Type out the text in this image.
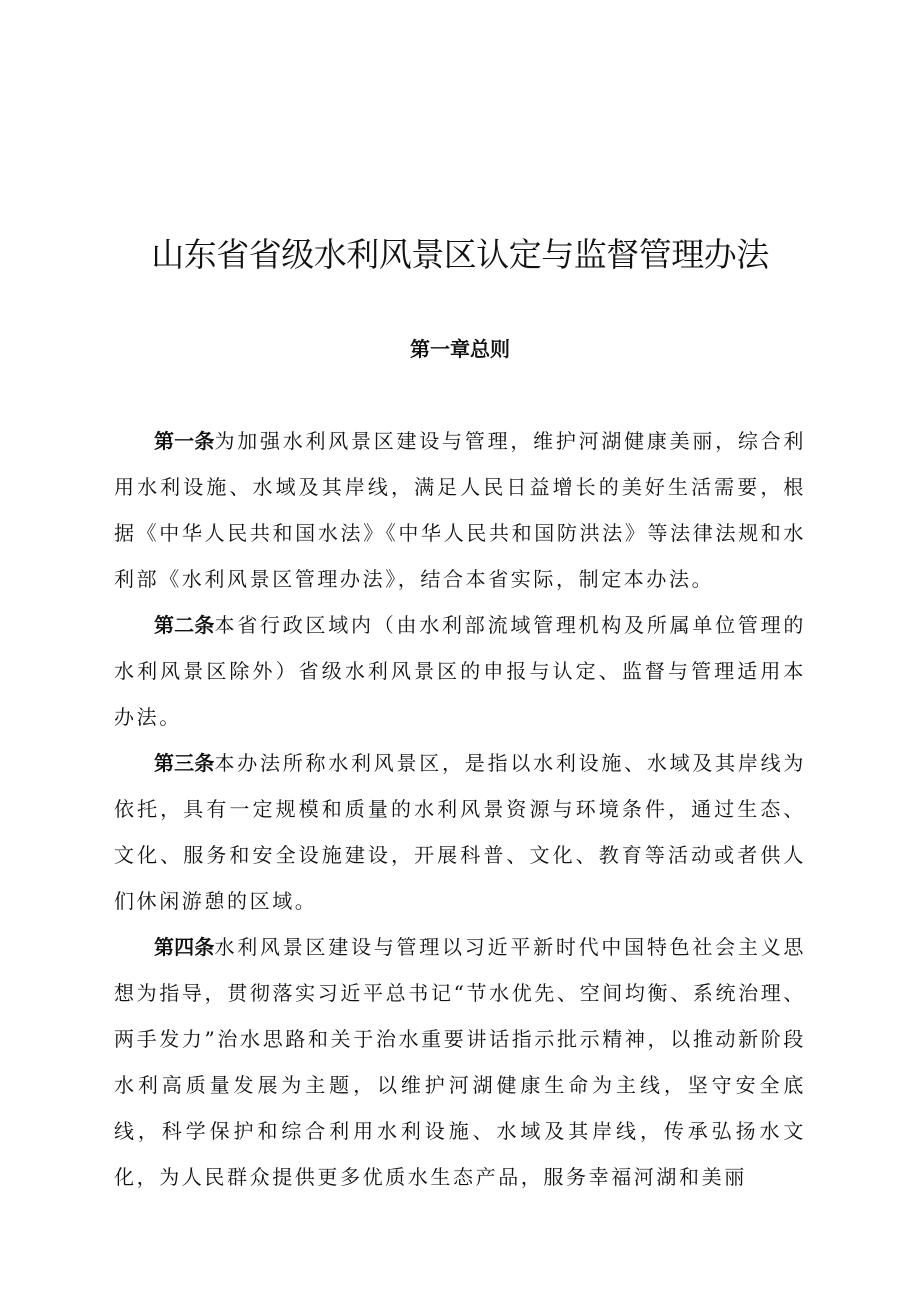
山东省省级水利风景区认定与监督管理办法
第一章总则

第一条为加强水利风景区建设与管理，维护河湖健康美丽，综合利用水利设施、水域及其岸线，满足人民日益增长的美好生活需要，根据《中华人民共和国水法》《中华人民共和国防洪法》等法律法规和水利部《水利风景区管理办法》，结合本省实际，制定本办法。

第二条本省行政区域内（由水利部流域管理机构及所属单位管理的水利风景区除外）省级水利风景区的申报与认定、监督与管理适用本办法。

第三条本办法所称水利风景区，是指以水利设施、水域及其岸线为依托，具有一定规模和质量的水利风景资源与环境条件，通过生态、文化、服务和安全设施建设，开展科普、文化、教育等活动或者供人们休闲游憩的区域。

第四条水利风景区建设与管理以习近平新时代中国特色社会主义思想为指导，贯彻落实习近平总书记“节水优先、空间均衡、系统治理、两手发力”治水思路和关于治水重要讲话指示批示精神，以推动新阶段水利高质量发展为主题，以维护河湖健康生命为主线，坚守安全底线，科学保护和综合利用水利设施、水域及其岸线，传承弘扬水文化，为人民群众提供更多优质水生态产品，服务幸福河湖和美丽
